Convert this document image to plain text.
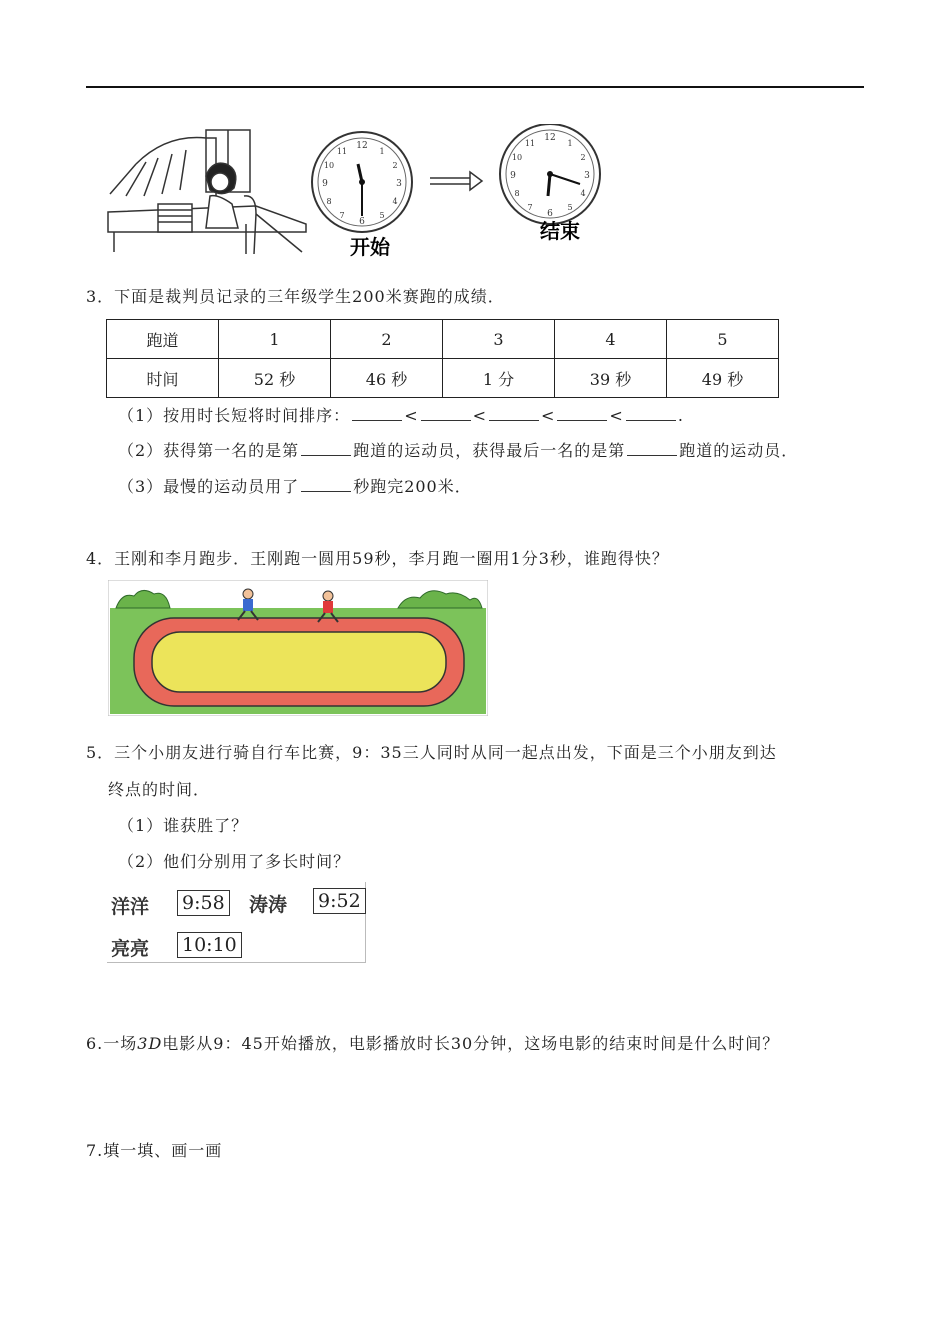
12
3
6
9
1
2
4
5
7
8
10
11
开始
12
3
6
9
1
2
4
5
7
8
10
11
结束
3．下面是裁判员记录的三年级学生200米赛跑的成绩．
跑道	1	2	3	4	5
时间	52 秒	46 秒	1 分	39 秒	49 秒
（1）按用时长短将时间排序：	<	<	<	<	.
（2）获得第一名的是第	跑道的运动员，获得最后一名的是第	跑道的运动员．
（3）最慢的运动员用了	秒跑完200米．
4．王刚和李月跑步．王刚跑一圆用59秒，李月跑一圈用1分3秒，谁跑得快？
5．三个小朋友进行骑自行车比赛，9：35三人同时从同一起点出发，下面是三个小朋友到达
终点的时间．
（1）谁获胜了？
（2）他们分别用了多长时间？
洋洋 9:58 涛涛 9:52
亮亮 10:10
6.一场3D电影从9：45开始播放，电影播放时长30分钟，这场电影的结束时间是什么时间？
7.填一填、画一画
